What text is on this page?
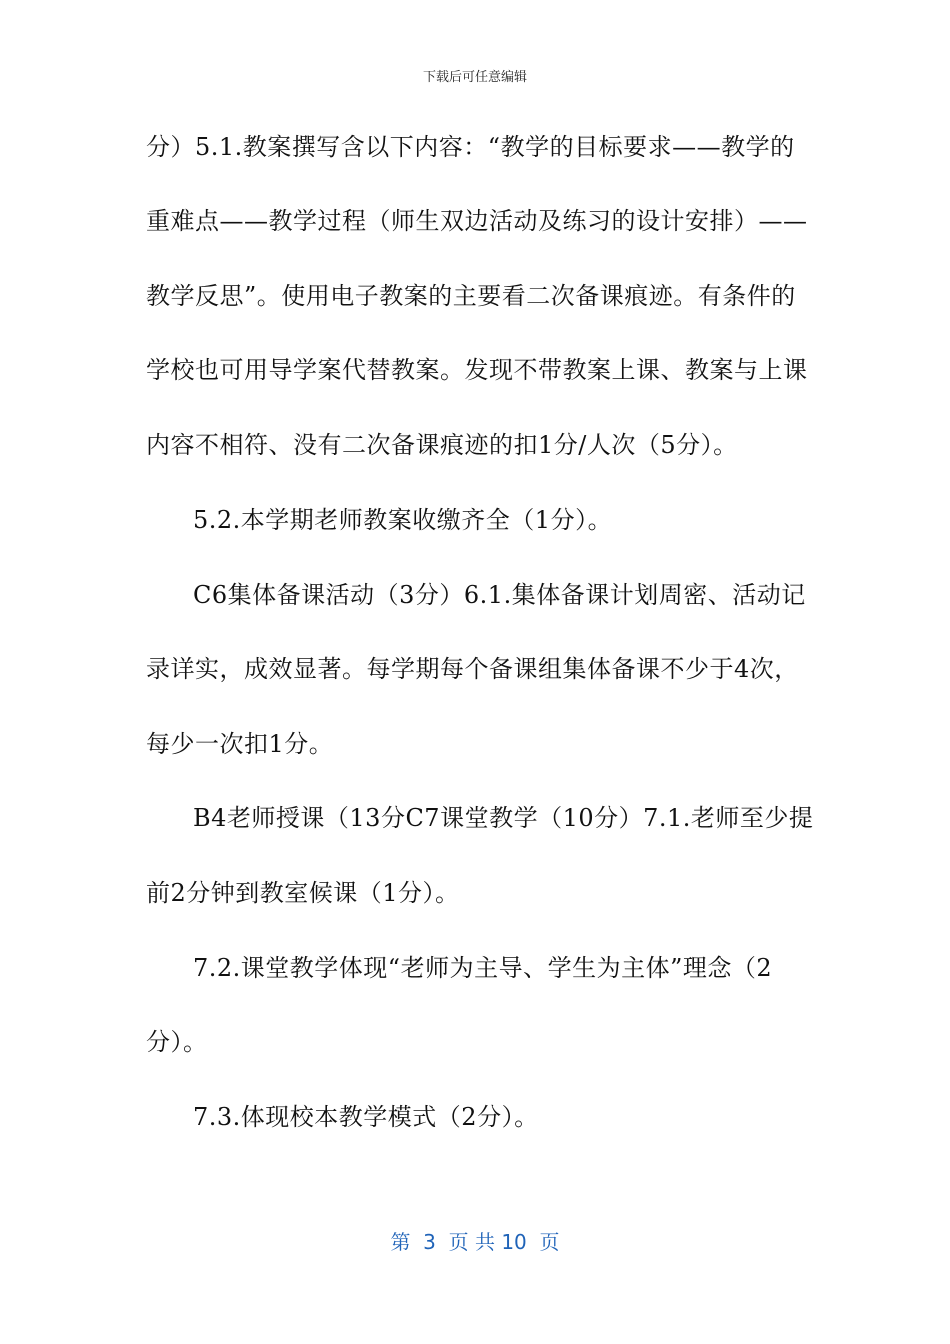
下载后可任意编辑
分）5.1.教案撰写含以下内容：“教学的目标要求——教学的
重难点——教学过程（师生双边活动及练习的设计安排）——
教学反思”。使用电子教案的主要看二次备课痕迹。有条件的
学校也可用导学案代替教案。发现不带教案上课、教案与上课
内容不相符、没有二次备课痕迹的扣1分/人次（5分）。
5.2.本学期老师教案收缴齐全（1分）。
C6集体备课活动（3分）6.1.集体备课计划周密、活动记
录详实，成效显著。每学期每个备课组集体备课不少于4次，
每少一次扣1分。
B4老师授课（13分C7课堂教学（10分）7.1.老师至少提
前2分钟到教室候课（1分）。
7.2.课堂教学体现“老师为主导、学生为主体”理念（2
分）。
7.3.体现校本教学模式（2分）。
第  3  页 共 10  页
